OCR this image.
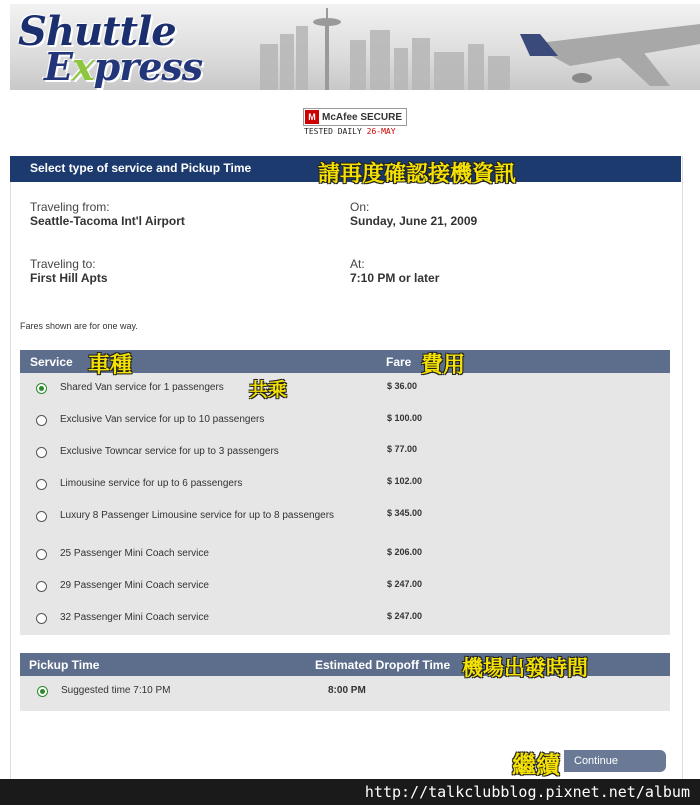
Shuttle
Express
M McAfee SECURE
TESTED DAILY 26-MAY
Select type of service and Pickup Time	請再度確認接機資訊
Traveling from:
Seattle-Tacoma Int'l Airport
On:
Sunday, June 21, 2009
Traveling to:
First Hill Apts
At:
7:10 PM or later
Fares shown are for one way.
Service	Fare
車種	費用
Shared Van service for 1 passengers	$ 36.00
共乘
Exclusive Van service for up to 10 passengers	$ 100.00
Exclusive Towncar service for up to 3 passengers	$ 77.00
Limousine service for up to 6 passengers	$ 102.00
Luxury 8 Passenger Limousine service for up to 8 passengers	$ 345.00
25 Passenger Mini Coach service	$ 206.00
29 Passenger Mini Coach service	$ 247.00
32 Passenger Mini Coach service	$ 247.00
Pickup Time	Estimated Dropoff Time 機場出發時間
Suggested time 7:10 PM	8:00 PM
繼續 Continue
http://talkclubblog.pixnet.net/album
